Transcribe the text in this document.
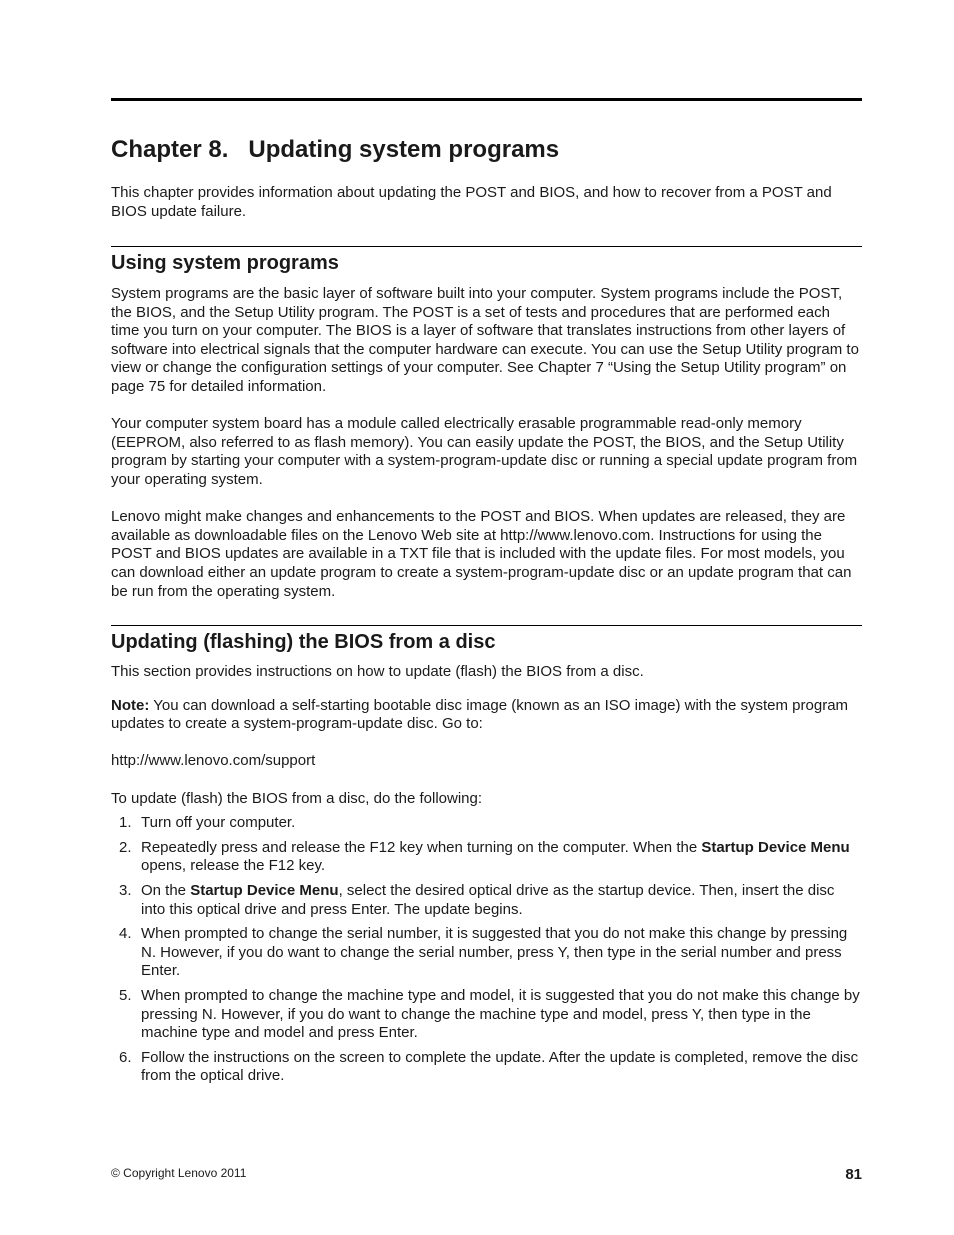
Chapter 8.   Updating system programs

This chapter provides information about updating the POST and BIOS, and how to recover from a POST and BIOS update failure.

Using system programs

System programs are the basic layer of software built into your computer. System programs include the POST, the BIOS, and the Setup Utility program. The POST is a set of tests and procedures that are performed each time you turn on your computer. The BIOS is a layer of software that translates instructions from other layers of software into electrical signals that the computer hardware can execute. You can use the Setup Utility program to view or change the configuration settings of your computer. See Chapter 7 “Using the Setup Utility program” on page 75 for detailed information.

Your computer system board has a module called electrically erasable programmable read-only memory (EEPROM, also referred to as flash memory). You can easily update the POST, the BIOS, and the Setup Utility program by starting your computer with a system-program-update disc or running a special update program from your operating system.

Lenovo might make changes and enhancements to the POST and BIOS. When updates are released, they are available as downloadable files on the Lenovo Web site at http://www.lenovo.com. Instructions for using the POST and BIOS updates are available in a TXT file that is included with the update files. For most models, you can download either an update program to create a system-program-update disc or an update program that can be run from the operating system.

Updating (flashing) the BIOS from a disc

This section provides instructions on how to update (flash) the BIOS from a disc.

Note: You can download a self-starting bootable disc image (known as an ISO image) with the system program updates to create a system-program-update disc. Go to:

http://www.lenovo.com/support

To update (flash) the BIOS from a disc, do the following:

1. Turn off your computer.
2. Repeatedly press and release the F12 key when turning on the computer. When the Startup Device Menu opens, release the F12 key.
3. On the Startup Device Menu, select the desired optical drive as the startup device. Then, insert the disc into this optical drive and press Enter. The update begins.
4. When prompted to change the serial number, it is suggested that you do not make this change by pressing N. However, if you do want to change the serial number, press Y, then type in the serial number and press Enter.
5. When prompted to change the machine type and model, it is suggested that you do not make this change by pressing N. However, if you do want to change the machine type and model, press Y, then type in the machine type and model and press Enter.
6. Follow the instructions on the screen to complete the update. After the update is completed, remove the disc from the optical drive.
© Copyright Lenovo 2011	81
